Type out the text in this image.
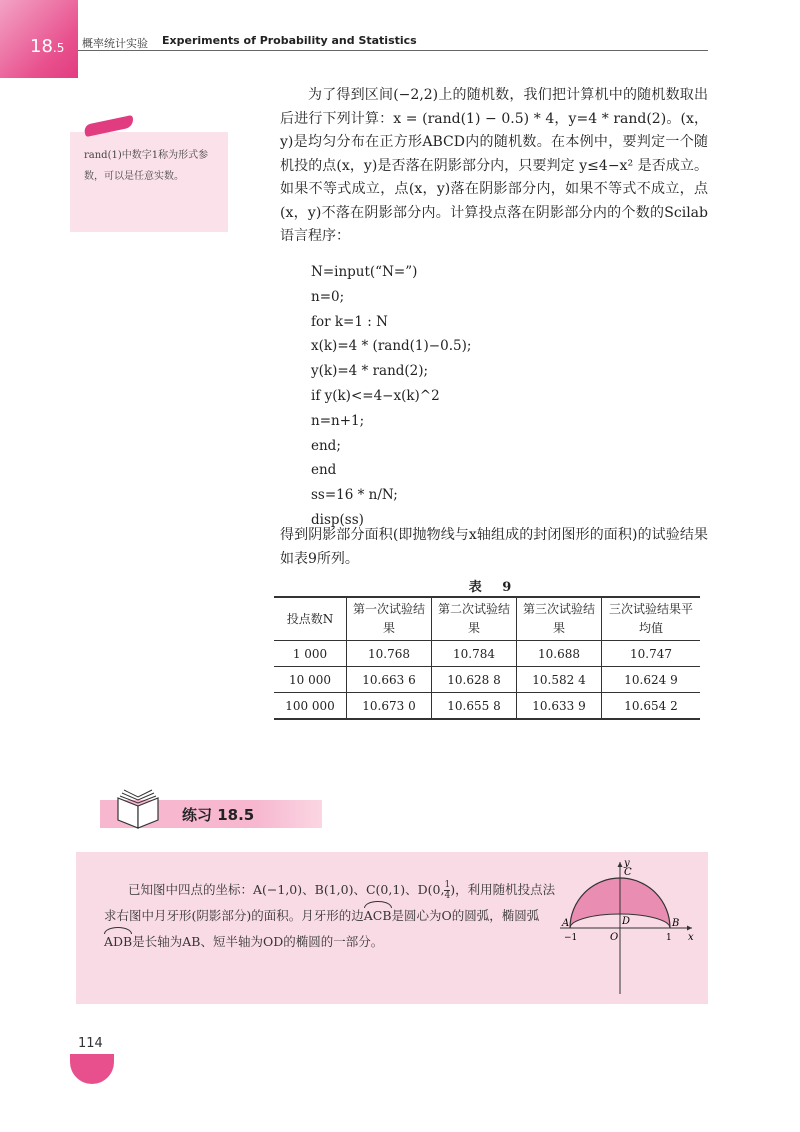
18.5 概率统计实验 Experiments of Probability and Statistics
rand(1)中数字1称为形式参数，可以是任意实数。
为了得到区间(−2,2)上的随机数，我们把计算机中的随机数取出后进行下列计算：x = (rand(1) − 0.5) * 4，y=4 * rand(2)。(x，y)是均匀分布在正方形ABCD内的随机数。在本例中，要判定一个随机投的点(x，y)是否落在阴影部分内，只要判定 y≤4−x² 是否成立。如果不等式成立，点(x，y)落在阴影部分内，如果不等式不成立，点(x，y)不落在阴影部分内。计算投点落在阴影部分内的个数的Scilab语言程序：
N=input(“N=”)
n=0;
for k=1 : N
x(k)=4 * (rand(1)−0.5);
y(k)=4 * rand(2);
if y(k)<=4−x(k)^2
n=n+1;
end;
end
ss=16 * n/N;
disp(ss)
得到阴影部分面积(即抛物线与x轴组成的封闭图形的面积)的试验结果如表9所列。
表 9
投点数N	第一次试验结果	第二次试验结果	第三次试验结果	三次试验结果平均值
1 000	10.768	10.784	10.688	10.747
10 000	10.663 6	10.628 8	10.582 4	10.624 9
100 000	10.673 0	10.655 8	10.633 9	10.654 2
练习 18.5
已知图中四点的坐标：A(−1,0)、B(1,0)、C(0,1)、D(0, $\frac{1}{4}$ )，利用随机投点法求右图中月牙形(阴影部分)的面积。月牙形的边ACB是圆心为O的圆弧，椭圆弧ADB是长轴为AB、短半轴为OD的椭圆的一部分。
y
x
C
D
A	B
O
−1	1
114
